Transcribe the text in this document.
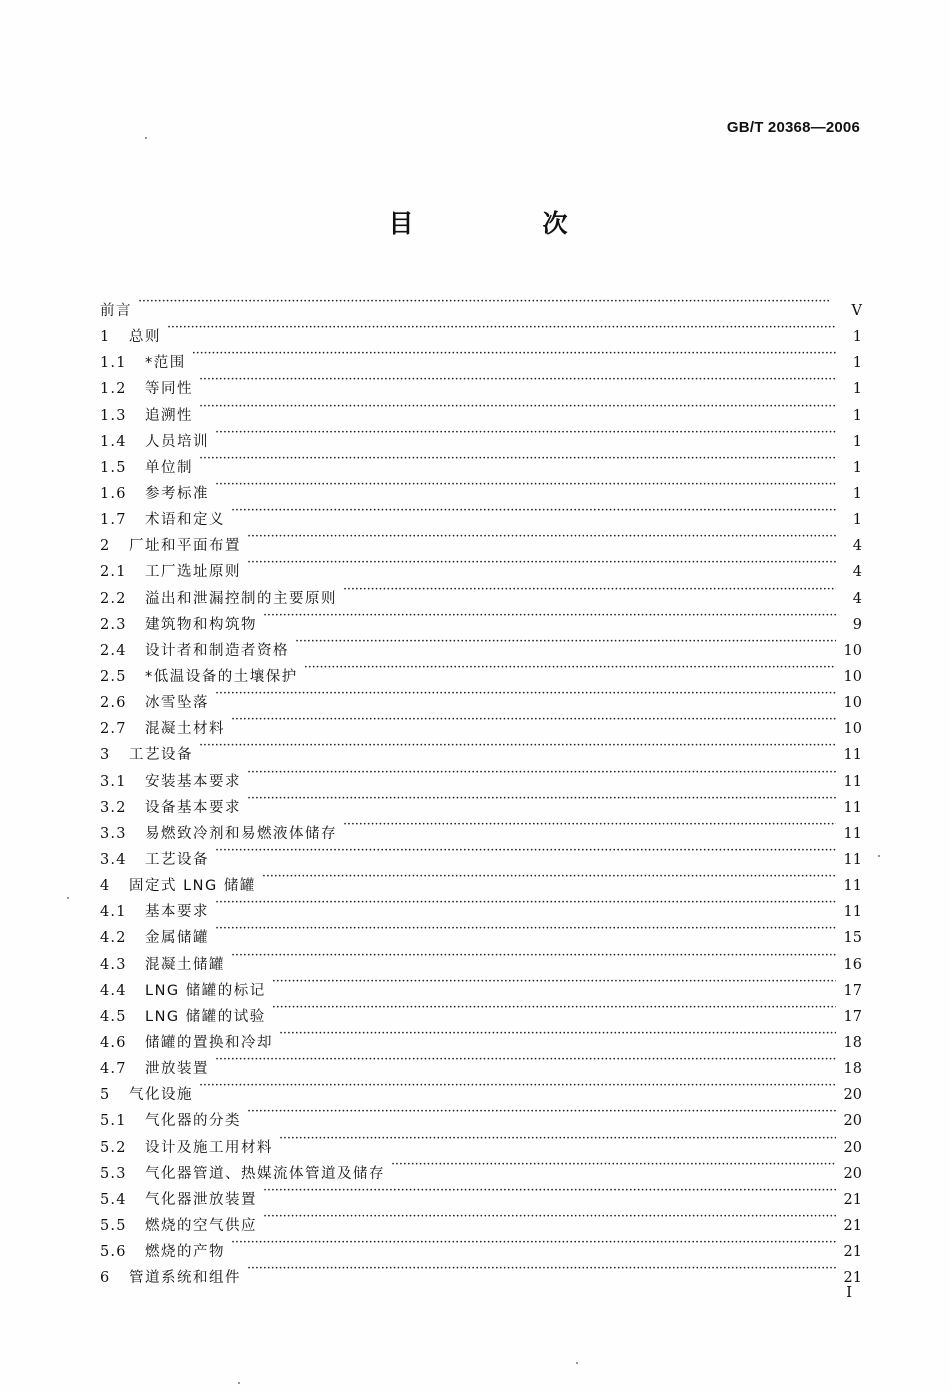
GB/T 20368—2006
目　次
前言 ·····	V
1	总则 ·····	1
1.1	*范围 ·····	1
1.2	等同性 ·····	1
1.3	追溯性 ·····	1
1.4	人员培训 ·····	1
1.5	单位制 ·····	1
1.6	参考标准 ·····	1
1.7	术语和定义 ·····	1
2	厂址和平面布置 ·····	4
2.1	工厂选址原则 ·····	4
2.2	溢出和泄漏控制的主要原则 ·····	4
2.3	建筑物和构筑物 ·····	9
2.4	设计者和制造者资格 ·····	10
2.5	*低温设备的土壤保护 ·····	10
2.6	冰雪坠落 ·····	10
2.7	混凝土材料 ·····	10
3	工艺设备 ·····	11
3.1	安装基本要求 ·····	11
3.2	设备基本要求 ·····	11
3.3	易燃致冷剂和易燃液体储存 ·····	11
3.4	工艺设备 ·····	11
4	固定式 LNG 储罐 ·····	11
4.1	基本要求 ·····	11
4.2	金属储罐 ·····	15
4.3	混凝土储罐 ·····	16
4.4	LNG 储罐的标记 ·····	17
4.5	LNG 储罐的试验 ·····	17
4.6	储罐的置换和冷却 ·····	18
4.7	泄放装置 ·····	18
5	气化设施 ·····	20
5.1	气化器的分类 ·····	20
5.2	设计及施工用材料 ·····	20
5.3	气化器管道、热媒流体管道及储存 ·····	20
5.4	气化器泄放装置 ·····	21
5.5	燃烧的空气供应 ·····	21
5.6	燃烧的产物 ·····	21
6	管道系统和组件 ·····	21
I
